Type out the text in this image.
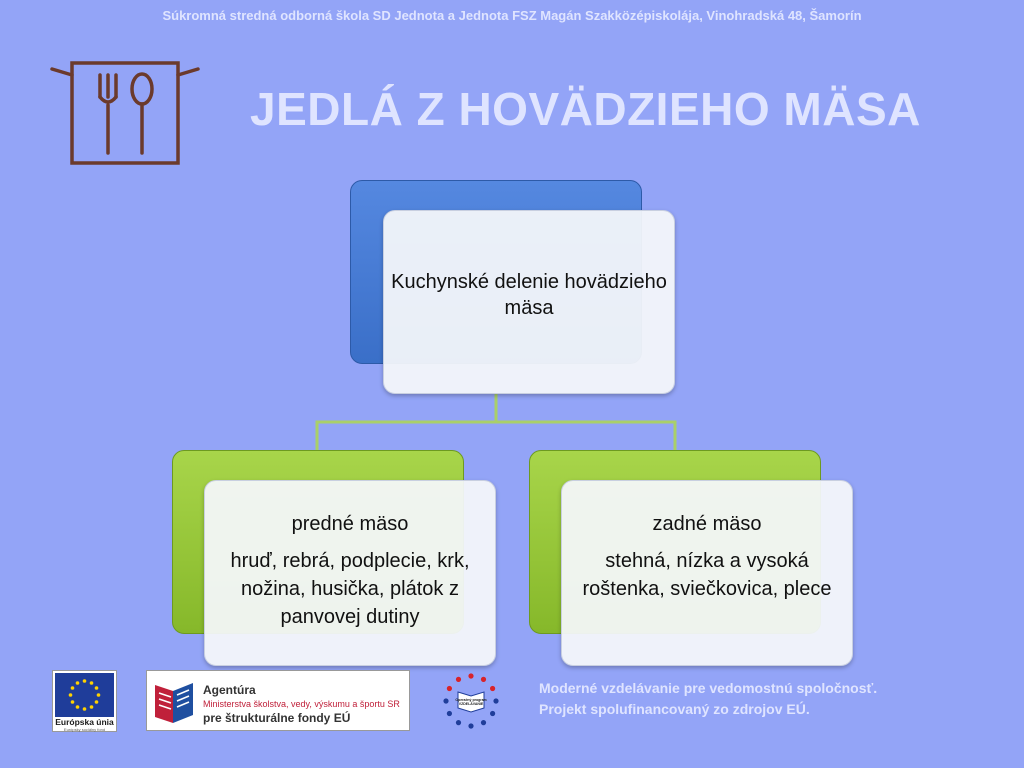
Súkromná stredná odborná škola SD Jednota a Jednota FSZ Magán Szakközépiskolája, Vinohradská 48, Šamorín
JEDLÁ Z HOVÄDZIEHO MÄSA
Kuchynské delenie hovädzieho mäsa
predné mäso
hruď, rebrá, podplecie, krk, nožina, husička, plátok z panvovej dutiny
zadné mäso
stehná, nízka a vysoká roštenka, sviečkovica, plece
Európska únia
Európsky sociálny fond
Agentúra
Ministerstva školstva, vedy, výskumu a športu SR
pre štrukturálne fondy EÚ
Operačný program VZDELÁVANIE
Moderné vzdelávanie pre vedomostnú spoločnosť.
Projekt spolufinancovaný zo zdrojov EÚ.
